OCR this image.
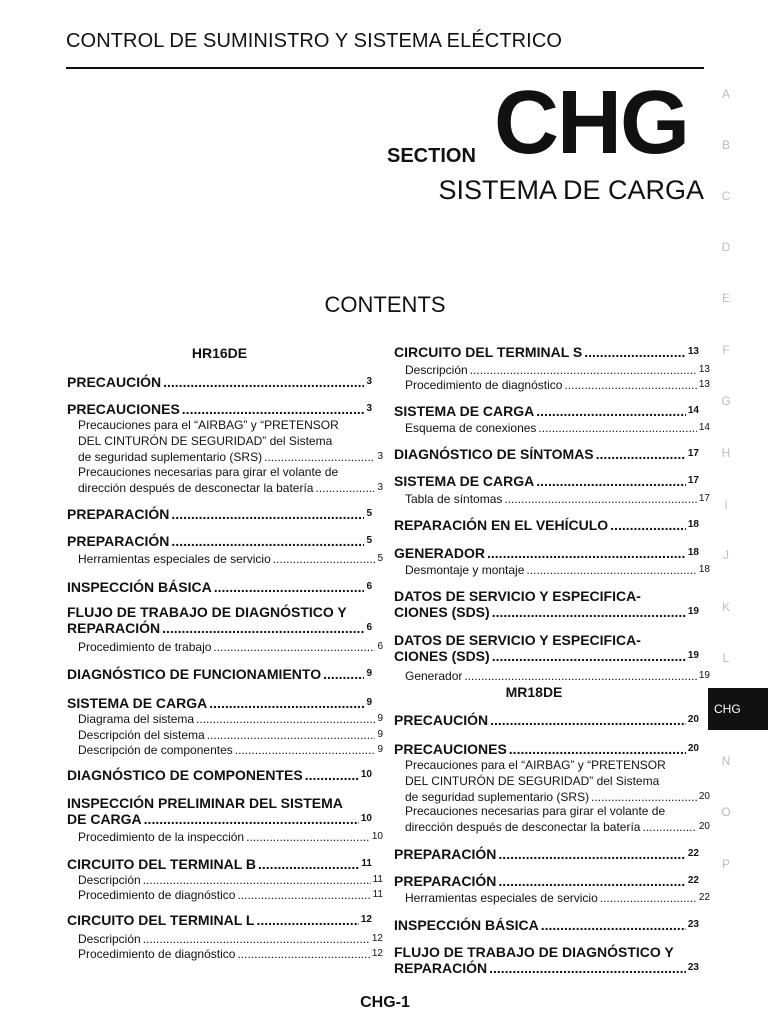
CONTROL DE SUMINISTRO Y SISTEMA ELÉCTRICO
SECTION CHG
SISTEMA DE CARGA
CONTENTS
HR16DE
PRECAUCIÓN .....	3
PRECAUCIONES .....	3
Precauciones para el “AIRBAG” y “PRETENSOR
DEL CINTURÓN DE SEGURIDAD” del Sistema
de seguridad suplementario (SRS) .....	3
Precauciones necesarias para girar el volante de
dirección después de desconectar la batería .....	3
PREPARACIÓN .....	5
PREPARACIÓN .....	5
Herramientas especiales de servicio .....	5
INSPECCIÓN BÁSICA .....	6
FLUJO DE TRABAJO DE DIAGNÓSTICO Y
REPARACIÓN .....	6
Procedimiento de trabajo .....	6
DIAGNÓSTICO DE FUNCIONAMIENTO .....	9
SISTEMA DE CARGA .....	9
Diagrama del sistema .....	9
Descripción del sistema .....	9
Descripción de componentes .....	9
DIAGNÓSTICO DE COMPONENTES .....	10
INSPECCIÓN PRELIMINAR DEL SISTEMA
DE CARGA .....	10
Procedimiento de la inspección .....	10
CIRCUITO DEL TERMINAL B .....	11
Descripción .....	11
Procedimiento de diagnóstico .....	11
CIRCUITO DEL TERMINAL L .....	12
Descripción .....	12
Procedimiento de diagnóstico .....	12
MR18DE
CIRCUITO DEL TERMINAL S .....	13
Descripción .....	13
Procedimiento de diagnóstico .....	13
SISTEMA DE CARGA .....	14
Esquema de conexiones .....	14
DIAGNÓSTICO DE SÍNTOMAS .....	17
SISTEMA DE CARGA .....	17
Tabla de síntomas .....	17
REPARACIÓN EN EL VEHÍCULO .....	18
GENERADOR .....	18
Desmontaje y montaje .....	18
DATOS DE SERVICIO Y ESPECIFICA-
CIONES (SDS) .....	19
DATOS DE SERVICIO Y ESPECIFICA-
CIONES (SDS) .....	19
Generador .....	19
PRECAUCIÓN .....	20
PRECAUCIONES .....	20
Precauciones para el “AIRBAG” y “PRETENSOR
DEL CINTURÓN DE SEGURIDAD” del Sistema
de seguridad suplementario (SRS) .....	20
Precauciones necesarias para girar el volante de
dirección después de desconectar la batería .....	20
PREPARACIÓN .....	22
PREPARACIÓN .....	22
Herramientas especiales de servicio .....	22
INSPECCIÓN BÁSICA .....	23
FLUJO DE TRABAJO DE DIAGNÓSTICO Y
REPARACIÓN .....	23
A
B
C
D
E
F
G
H
I
J
K
L
N
O
P
CHG-1
CHG
